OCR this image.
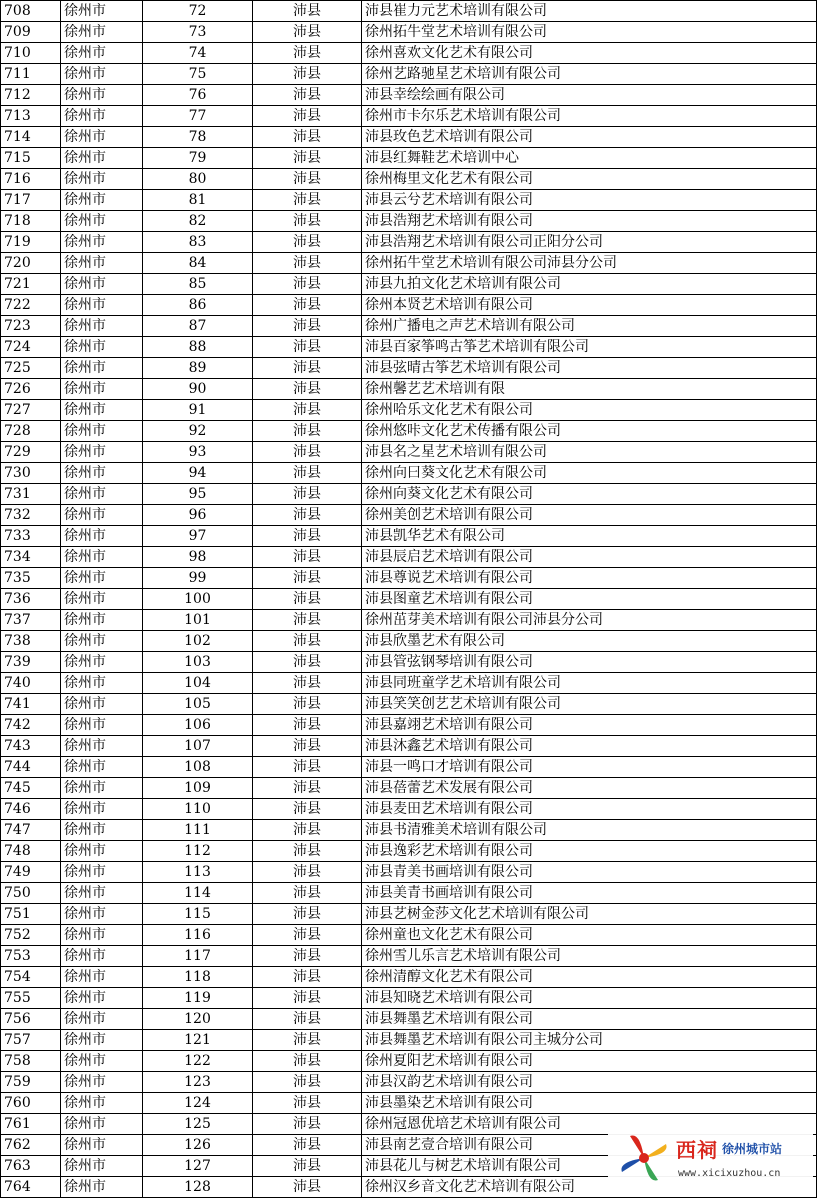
708	徐州市	72	沛县	沛县崔力元艺术培训有限公司
709	徐州市	73	沛县	徐州拓牛堂艺术培训有限公司
710	徐州市	74	沛县	徐州喜欢文化艺术有限公司
711	徐州市	75	沛县	徐州艺路驰星艺术培训有限公司
712	徐州市	76	沛县	沛县幸绘绘画有限公司
713	徐州市	77	沛县	徐州市卡尔乐艺术培训有限公司
714	徐州市	78	沛县	沛县玫色艺术培训有限公司
715	徐州市	79	沛县	沛县红舞鞋艺术培训中心
716	徐州市	80	沛县	徐州梅里文化艺术有限公司
717	徐州市	81	沛县	沛县云兮艺术培训有限公司
718	徐州市	82	沛县	沛县浩翔艺术培训有限公司
719	徐州市	83	沛县	沛县浩翔艺术培训有限公司正阳分公司
720	徐州市	84	沛县	徐州拓牛堂艺术培训有限公司沛县分公司
721	徐州市	85	沛县	沛县九拍文化艺术培训有限公司
722	徐州市	86	沛县	徐州本贤艺术培训有限公司
723	徐州市	87	沛县	徐州广播电之声艺术培训有限公司
724	徐州市	88	沛县	沛县百家筝鸣古筝艺术培训有限公司
725	徐州市	89	沛县	沛县弦晴古筝艺术培训有限公司
726	徐州市	90	沛县	徐州馨艺艺术培训有限
727	徐州市	91	沛县	徐州哈乐文化艺术有限公司
728	徐州市	92	沛县	徐州悠咔文化艺术传播有限公司
729	徐州市	93	沛县	沛县名之星艺术培训有限公司
730	徐州市	94	沛县	徐州向曰葵文化艺术有限公司
731	徐州市	95	沛县	徐州向葵文化艺术有限公司
732	徐州市	96	沛县	徐州美创艺术培训有限公司
733	徐州市	97	沛县	沛县凯华艺术有限公司
734	徐州市	98	沛县	沛县辰启艺术培训有限公司
735	徐州市	99	沛县	沛县尊说艺术培训有限公司
736	徐州市	100	沛县	沛县图童艺术培训有限公司
737	徐州市	101	沛县	徐州茁芽美术培训有限公司沛县分公司
738	徐州市	102	沛县	沛县欣墨艺术有限公司
739	徐州市	103	沛县	沛县管弦钢琴培训有限公司
740	徐州市	104	沛县	沛县同班童学艺术培训有限公司
741	徐州市	105	沛县	沛县笑笑创艺艺术培训有限公司
742	徐州市	106	沛县	沛县嘉翊艺术培训有限公司
743	徐州市	107	沛县	沛县沐鑫艺术培训有限公司
744	徐州市	108	沛县	沛县一鸣口才培训有限公司
745	徐州市	109	沛县	沛县蓓蕾艺术发展有限公司
746	徐州市	110	沛县	沛县麦田艺术培训有限公司
747	徐州市	111	沛县	沛县书清雅美术培训有限公司
748	徐州市	112	沛县	沛县逸彩艺术培训有限公司
749	徐州市	113	沛县	沛县青美书画培训有限公司
750	徐州市	114	沛县	沛县美青书画培训有限公司
751	徐州市	115	沛县	沛县艺树金莎文化艺术培训有限公司
752	徐州市	116	沛县	徐州童也文化艺术有限公司
753	徐州市	117	沛县	徐州雪儿乐言艺术培训有限公司
754	徐州市	118	沛县	徐州清醇文化艺术有限公司
755	徐州市	119	沛县	沛县知晓艺术培训有限公司
756	徐州市	120	沛县	沛县舞墨艺术培训有限公司
757	徐州市	121	沛县	沛县舞墨艺术培训有限公司主城分公司
758	徐州市	122	沛县	徐州夏阳艺术培训有限公司
759	徐州市	123	沛县	沛县汉韵艺术培训有限公司
760	徐州市	124	沛县	沛县墨染艺术培训有限公司
761	徐州市	125	沛县	徐州冠恩优培艺术培训有限公司
762	徐州市	126	沛县	沛县南艺壹合培训有限公司
763	徐州市	127	沛县	沛县花儿与树艺术培训有限公司
764	徐州市	128	沛县	徐州汉乡音文化艺术培训有限公司
西祠 徐州城市站
www.xicixuzhou.cn
